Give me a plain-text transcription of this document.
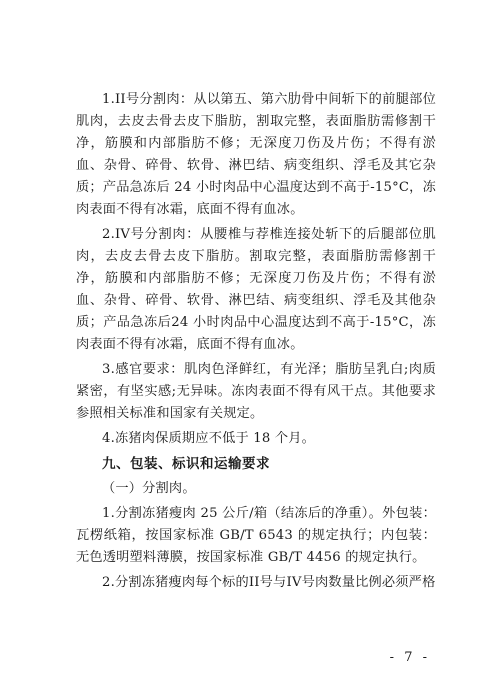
1.II号分割肉：从以第五、第六肋骨中间斩下的前腿部位肌肉，去皮去骨去皮下脂肪，割取完整，表面脂肪需修割干净，筋膜和内部脂肪不修；无深度刀伤及片伤；不得有淤血、杂骨、碎骨、软骨、淋巴结、病变组织、浮毛及其它杂质；产品急冻后 24 小时肉品中心温度达到不高于-15°C，冻肉表面不得有冰霜，底面不得有血冰。

2.IV号分割肉：从腰椎与荐椎连接处斩下的后腿部位肌肉，去皮去骨去皮下脂肪。割取完整，表面脂肪需修割干净，筋膜和内部脂肪不修；无深度刀伤及片伤；不得有淤血、杂骨、碎骨、软骨、淋巴结、病变组织、浮毛及其他杂质；产品急冻后24 小时肉品中心温度达到不高于-15°C，冻肉表面不得有冰霜，底面不得有血冰。

3.感官要求：肌肉色泽鲜红，有光泽；脂肪呈乳白;肉质紧密，有坚实感;无异味。冻肉表面不得有风干点。其他要求参照相关标准和国家有关规定。

4.冻猪肉保质期应不低于 18 个月。

九、包装、标识和运输要求

（一）分割肉。

1.分割冻猪瘦肉 25 公斤/箱（结冻后的净重）。外包装：瓦楞纸箱，按国家标准 GB/T 6543 的规定执行；内包装：无色透明塑料薄膜，按国家标准 GB/T 4456 的规定执行。

2.分割冻猪瘦肉每个标的II号与IV号肉数量比例必须严格

- 7 -
